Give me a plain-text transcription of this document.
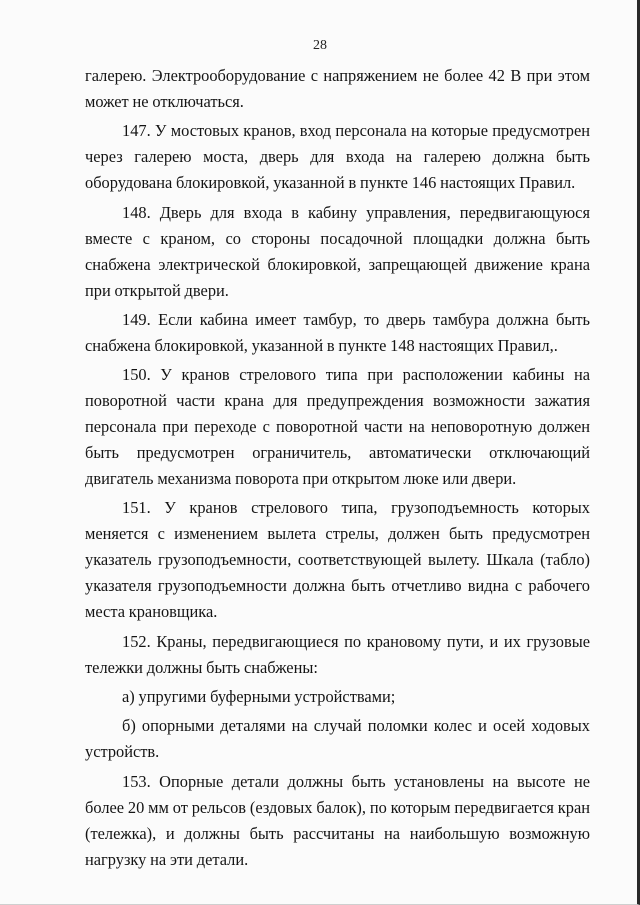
28

галерею. Электрооборудование с напряжением не более 42 В при этом может не отключаться.

147. У мостовых кранов, вход персонала на которые предусмотрен через галерею моста, дверь для входа на галерею должна быть оборудована блокировкой, указанной в пункте 146 настоящих Правил.

148. Дверь для входа в кабину управления, передвигающуюся вместе с краном, со стороны посадочной площадки должна быть снабжена электрической блокировкой, запрещающей движение крана при открытой двери.

149. Если кабина имеет тамбур, то дверь тамбура должна быть снабжена блокировкой, указанной в пункте 148 настоящих Правил,.

150. У кранов стрелового типа при расположении кабины на поворотной части крана для предупреждения возможности зажатия персонала при переходе с поворотной части на неповоротную должен быть предусмотрен ограничитель, автоматически отключающий двигатель механизма поворота при открытом люке или двери.

151. У кранов стрелового типа, грузоподъемность которых меняется с изменением вылета стрелы, должен быть предусмотрен указатель грузоподъемности, соответствующей вылету. Шкала (табло) указателя грузоподъемности должна быть отчетливо видна с рабочего места крановщика.

152. Краны, передвигающиеся по крановому пути, и их грузовые тележки должны быть снабжены:

а) упругими буферными устройствами;

б) опорными деталями на случай поломки колес и осей ходовых устройств.

153. Опорные детали должны быть установлены на высоте не более 20 мм от рельсов (ездовых балок), по которым передвигается кран (тележка), и должны быть рассчитаны на наибольшую возможную нагрузку на эти детали.
